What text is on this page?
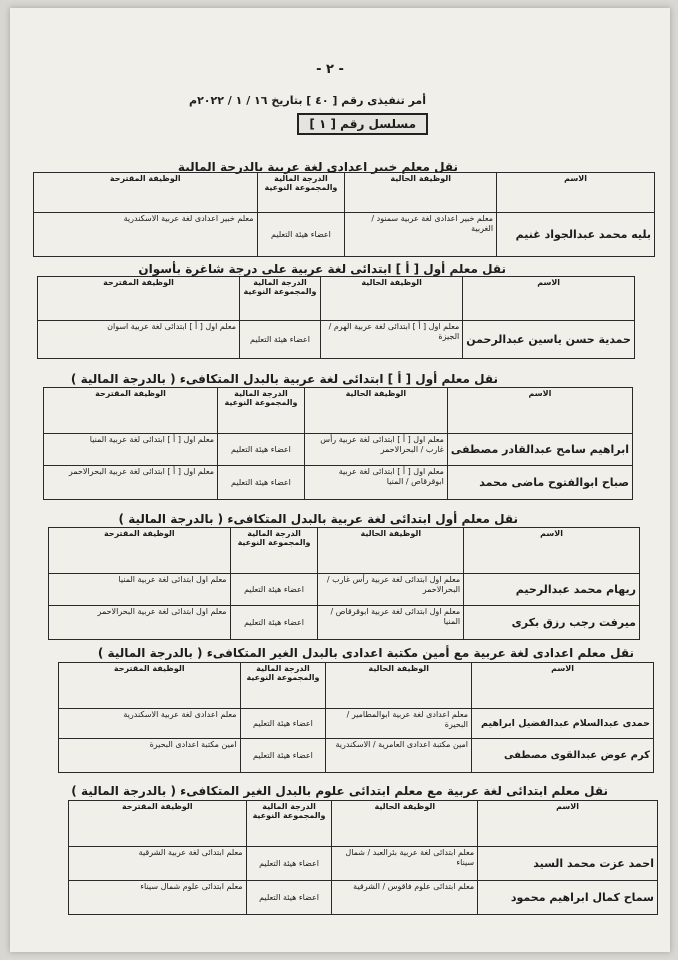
- ٢ -
أمر تنفيذى رقم [ ٤٠ ] بتاريخ ١٦ / ١ / ٢٠٢٢م
مسلسل رقم [ ١ ]
نقل معلم خبير اعدادى لغة عربية بالدرجة المالية
الاسم	الوظيفة الحالية	الدرجة المالية والمجموعة النوعية	الوظيفة المقترحة
بليه محمد عبدالجواد غنيم	معلم خبير اعدادى لغة عربية سمنود / الغربية	اعضاء هيئة التعليم	معلم خبير اعدادى لغة عربية الاسكندرية
نقل معلم أول [ أ ] ابتدائى لغة عربية على درجة شاغرة بأسوان
الاسم	الوظيفة الحالية	الدرجة المالية والمجموعة النوعية	الوظيفة المقترحة
حمدية حسن ياسين عبدالرحمن	معلم اول [ أ ] ابتدائى لغة عربية الهرم / الجيزة	اعضاء هيئة التعليم	معلم اول [ أ ] ابتدائى لغة عربية اسوان
نقل معلم أول [ أ ] ابتدائى لغة عربية بالبدل المتكافىء ( بالدرجة المالية )
الاسم	الوظيفة الحالية	الدرجة المالية والمجموعة النوعية	الوظيفة المقترحة
ابراهيم سامح عبدالقادر مصطفى	معلم اول [ أ ] ابتدائى لغة عربية رأس غارب / البحرالاحمر	اعضاء هيئة التعليم	معلم اول [ أ ] ابتدائى لغة عربية المنيا
صباح ابوالفتوح ماضى محمد	معلم اول [ أ ] ابتدائى لغة عربية ابوقرقاص / المنيا	اعضاء هيئة التعليم	معلم اول [ أ ] ابتدائى لغة عربية البحرالاحمر
نقل معلم أول ابتدائى لغة عربية بالبدل المتكافىء ( بالدرجة المالية )
الاسم	الوظيفة الحالية	الدرجة المالية والمجموعة النوعية	الوظيفة المقترحة
ريهام محمد عبدالرحيم	معلم اول ابتدائى لغة عربية رأس غارب / البحرالاحمر	اعضاء هيئة التعليم	معلم اول ابتدائى لغة عربية المنيا
ميرفت رجب رزق بكرى	معلم اول ابتدائى لغة عربية ابوقرقاص / المنيا	اعضاء هيئة التعليم	معلم اول ابتدائى لغة عربية البحرالاحمر
نقل معلم اعدادى لغة عربية مع أمين مكتبة اعدادى بالبدل الغير المتكافىء ( بالدرجة المالية )
الاسم	الوظيفة الحالية	الدرجة المالية والمجموعة النوعية	الوظيفة المقترحة
حمدى عبدالسلام عبدالفضيل ابراهيم	معلم اعدادى لغة عربية ابوالمطامير / البحيرة	اعضاء هيئة التعليم	معلم اعدادى لغة عربية الاسكندرية
كرم عوض عبدالقوى مصطفى	امين مكتبة اعدادى العامرية / الاسكندرية	اعضاء هيئة التعليم	امين مكتبة اعدادى البحيرة
نقل معلم ابتدائى لغة عربية مع معلم ابتدائى علوم بالبدل الغير المتكافىء ( بالدرجة المالية )
الاسم	الوظيفة الحالية	الدرجة المالية والمجموعة النوعية	الوظيفة المقترحة
احمد عزت محمد السيد	معلم ابتدائى لغة عربية بئرالعبد / شمال سيناء	اعضاء هيئة التعليم	معلم ابتدائى لغة عربية الشرقية
سماح كمال ابراهيم محمود	معلم ابتدائى علوم فاقوس / الشرقية	اعضاء هيئة التعليم	معلم ابتدائى علوم شمال سيناء
